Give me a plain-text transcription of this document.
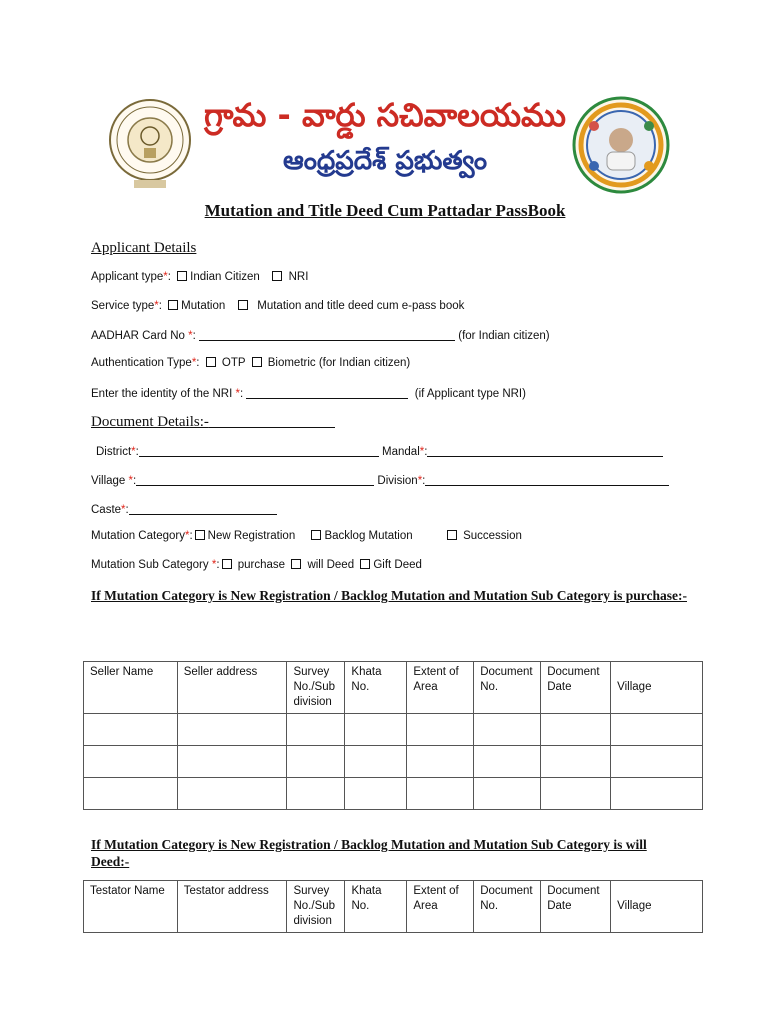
గ్రామ - వార్డు సచివాలయము
ఆంధ్రప్రదేశ్ ప్రభుత్వం
Mutation and Title Deed Cum Pattadar PassBook
Applicant Details
Applicant type*: Indian Citizen	NRI
Service type*: Mutation	Mutation and title deed cum e-pass book
AADHAR Card No *:	(for Indian citizen)
Authentication Type*:  OTP Biometric (for Indian citizen)
Enter the identity of the NRI *:	(if Applicant type NRI)
Document Details:-
District*:	Mandal*:
Village *:	Division*:
Caste*:
Mutation Category*: New Registration	Backlog Mutation	Succession
Mutation Sub Category *: purchase will Deed Gift Deed
If Mutation Category is New Registration / Backlog Mutation and Mutation Sub Category is purchase:-
Seller Name	Seller address	Survey No./Sub division	Khata No.	Extent of Area	Document No.	Document Date	Village

If Mutation Category is New Registration / Backlog Mutation and Mutation Sub Category is will Deed:-
Testator Name	Testator address	Survey No./Sub division	Khata No.	Extent of Area	Document No.	Document Date	Village
